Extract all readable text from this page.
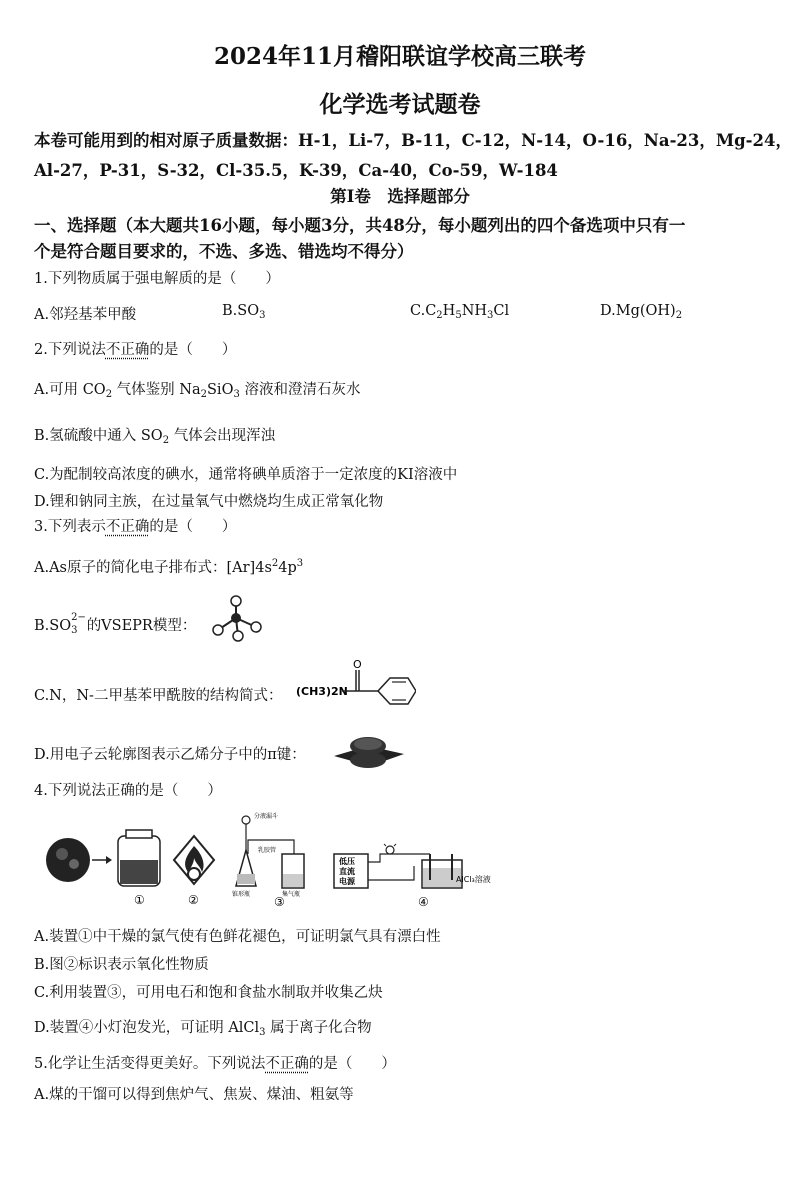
2024年11月稽阳联谊学校高三联考
化学选考试题卷
本卷可能用到的相对原子质量数据：H-1，Li-7，B-11，C-12，N-14，O-16，Na-23，Mg-24，
Al-27，P-31，S-32，Cl-35.5，K-39，Ca-40，Co-59，W-184
第Ⅰ卷　选择题部分
一、选择题（本大题共16小题，每小题3分，共48分，每小题列出的四个备选项中只有一
个是符合题目要求的，不选、多选、错选均不得分）
1.下列物质属于强电解质的是（　　）
A.邻羟基苯甲酸	$B.SO_3$	$C.C_2H_5NH_3Cl$	$D.Mg(OH)_2$
2.下列说法不正确的是（　　）
A.可用 $CO_2$ 气体鉴别 $Na_2SiO_3$ 溶液和澄清石灰水
B.氢硫酸中通入 $SO_2$ 气体会出现浑浊
C.为配制较高浓度的碘水，通常将碘单质溶于一定浓度的KI溶液中
D.锂和钠同主族，在过量氧气中燃烧均生成正常氧化物
3.下列表示不正确的是（　　）
A.As原子的简化电子排布式：$[Ar]4s^24p^3$
B.SO
$_{2- 3}$ 的VSEPR模型：
C.N，N-二甲基苯甲酰胺的结构简式： (CH3)2N
O
D.用电子云轮廓图表示乙烯分子中的π键：
4.下列说法正确的是（　　）
①	②
分液漏斗
乳胶管
锥形瓶	集气瓶
③
低压
直流
电源	AlCl₃溶液
④
A.装置①中干燥的氯气使有色鲜花褪色，可证明氯气具有漂白性
B.图②标识表示氧化性物质
C.利用装置③，可用电石和饱和食盐水制取并收集乙炔
D.装置④小灯泡发光，可证明 AlCl$_3$ 属于离子化合物
5.化学让生活变得更美好。下列说法不正确的是（　　）
A.煤的干馏可以得到焦炉气、焦炭、煤油、粗氨等
